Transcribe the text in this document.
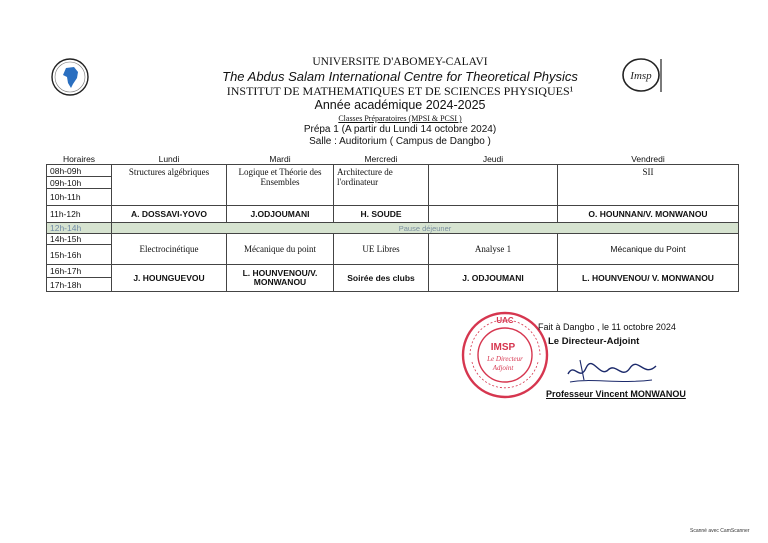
Imsp
UNIVERSITE D'ABOMEY-CALAVI
The Abdus Salam International Centre for Theoretical Physics
INSTITUT DE MATHEMATIQUES ET DE SCIENCES PHYSIQUES¹
Année académique 2024-2025
Classes Préparatoires (MPSI & PCSI )
Prépa 1 (A partir du Lundi 14 octobre 2024)
Salle : Auditorium ( Campus de Dangbo )
Horaires	Lundi	Mardi	Mercredi	Jeudi	Vendredi
08h-09h	Structures algébriques	Logique et Théorie des Ensembles	Architecture de l'ordinateur		SII
09h-10h					
10h-11h					
11h-12h	A. DOSSAVI-YOVO	J.ODJOUMANI	H. SOUDE		O. HOUNNAN/V. MONWANOU
12h-14h	Pause déjeuner				
14h-15h	Electrocinétique	Mécanique du point	UE Libres	Analyse 1	Mécanique du Point
15h-16h					
16h-17h	J. HOUNGUEVOU	L. HOUNVENOU/V. MONWANOU	Soirée des clubs	J. ODJOUMANI	L. HOUNVENOU/ V. MONWANOU
17h-18h					
UAC
IMSP
Le Directeur
Adjoint
Fait à Dangbo , le 11 octobre 2024
Le Directeur-Adjoint
Professeur Vincent MONWANOU
Scanné avec CamScanner
